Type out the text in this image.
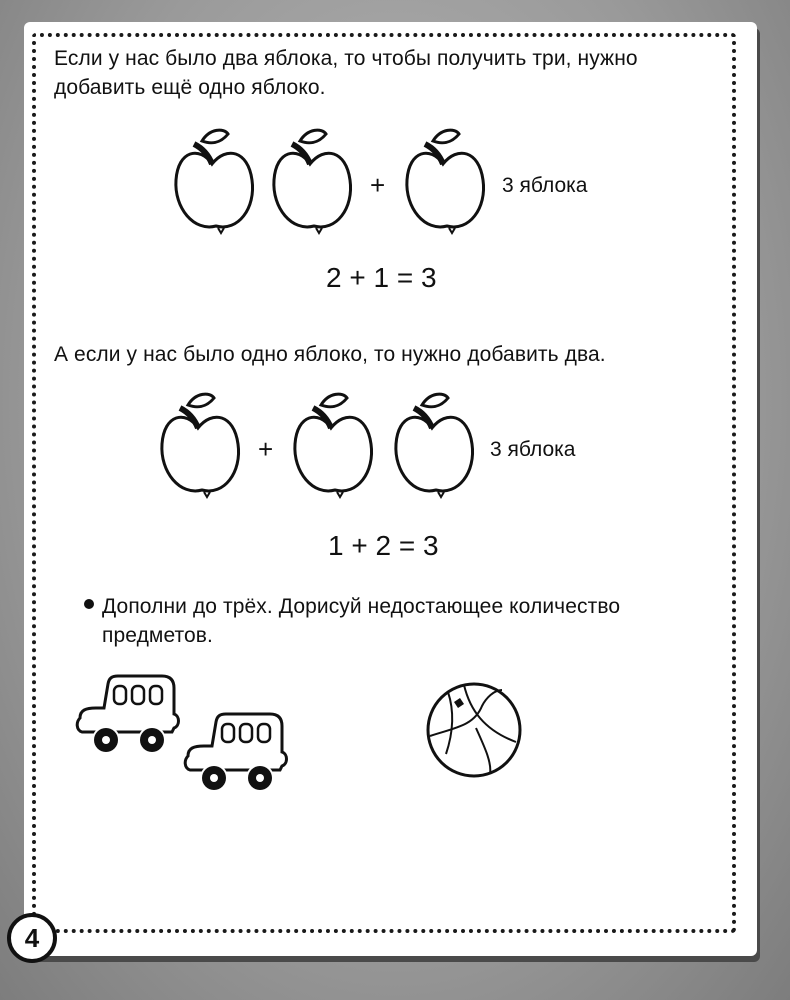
Если у нас было два яблока, то чтобы получить три, нужно добавить ещё одно яблоко.
+	3 яблока
2 + 1 = 3
А если у нас было одно яблоко, то нужно добавить два.
+	3 яблока
1 + 2 = 3
Дополни до трёх. Дорисуй недостающее количество предметов.
4
